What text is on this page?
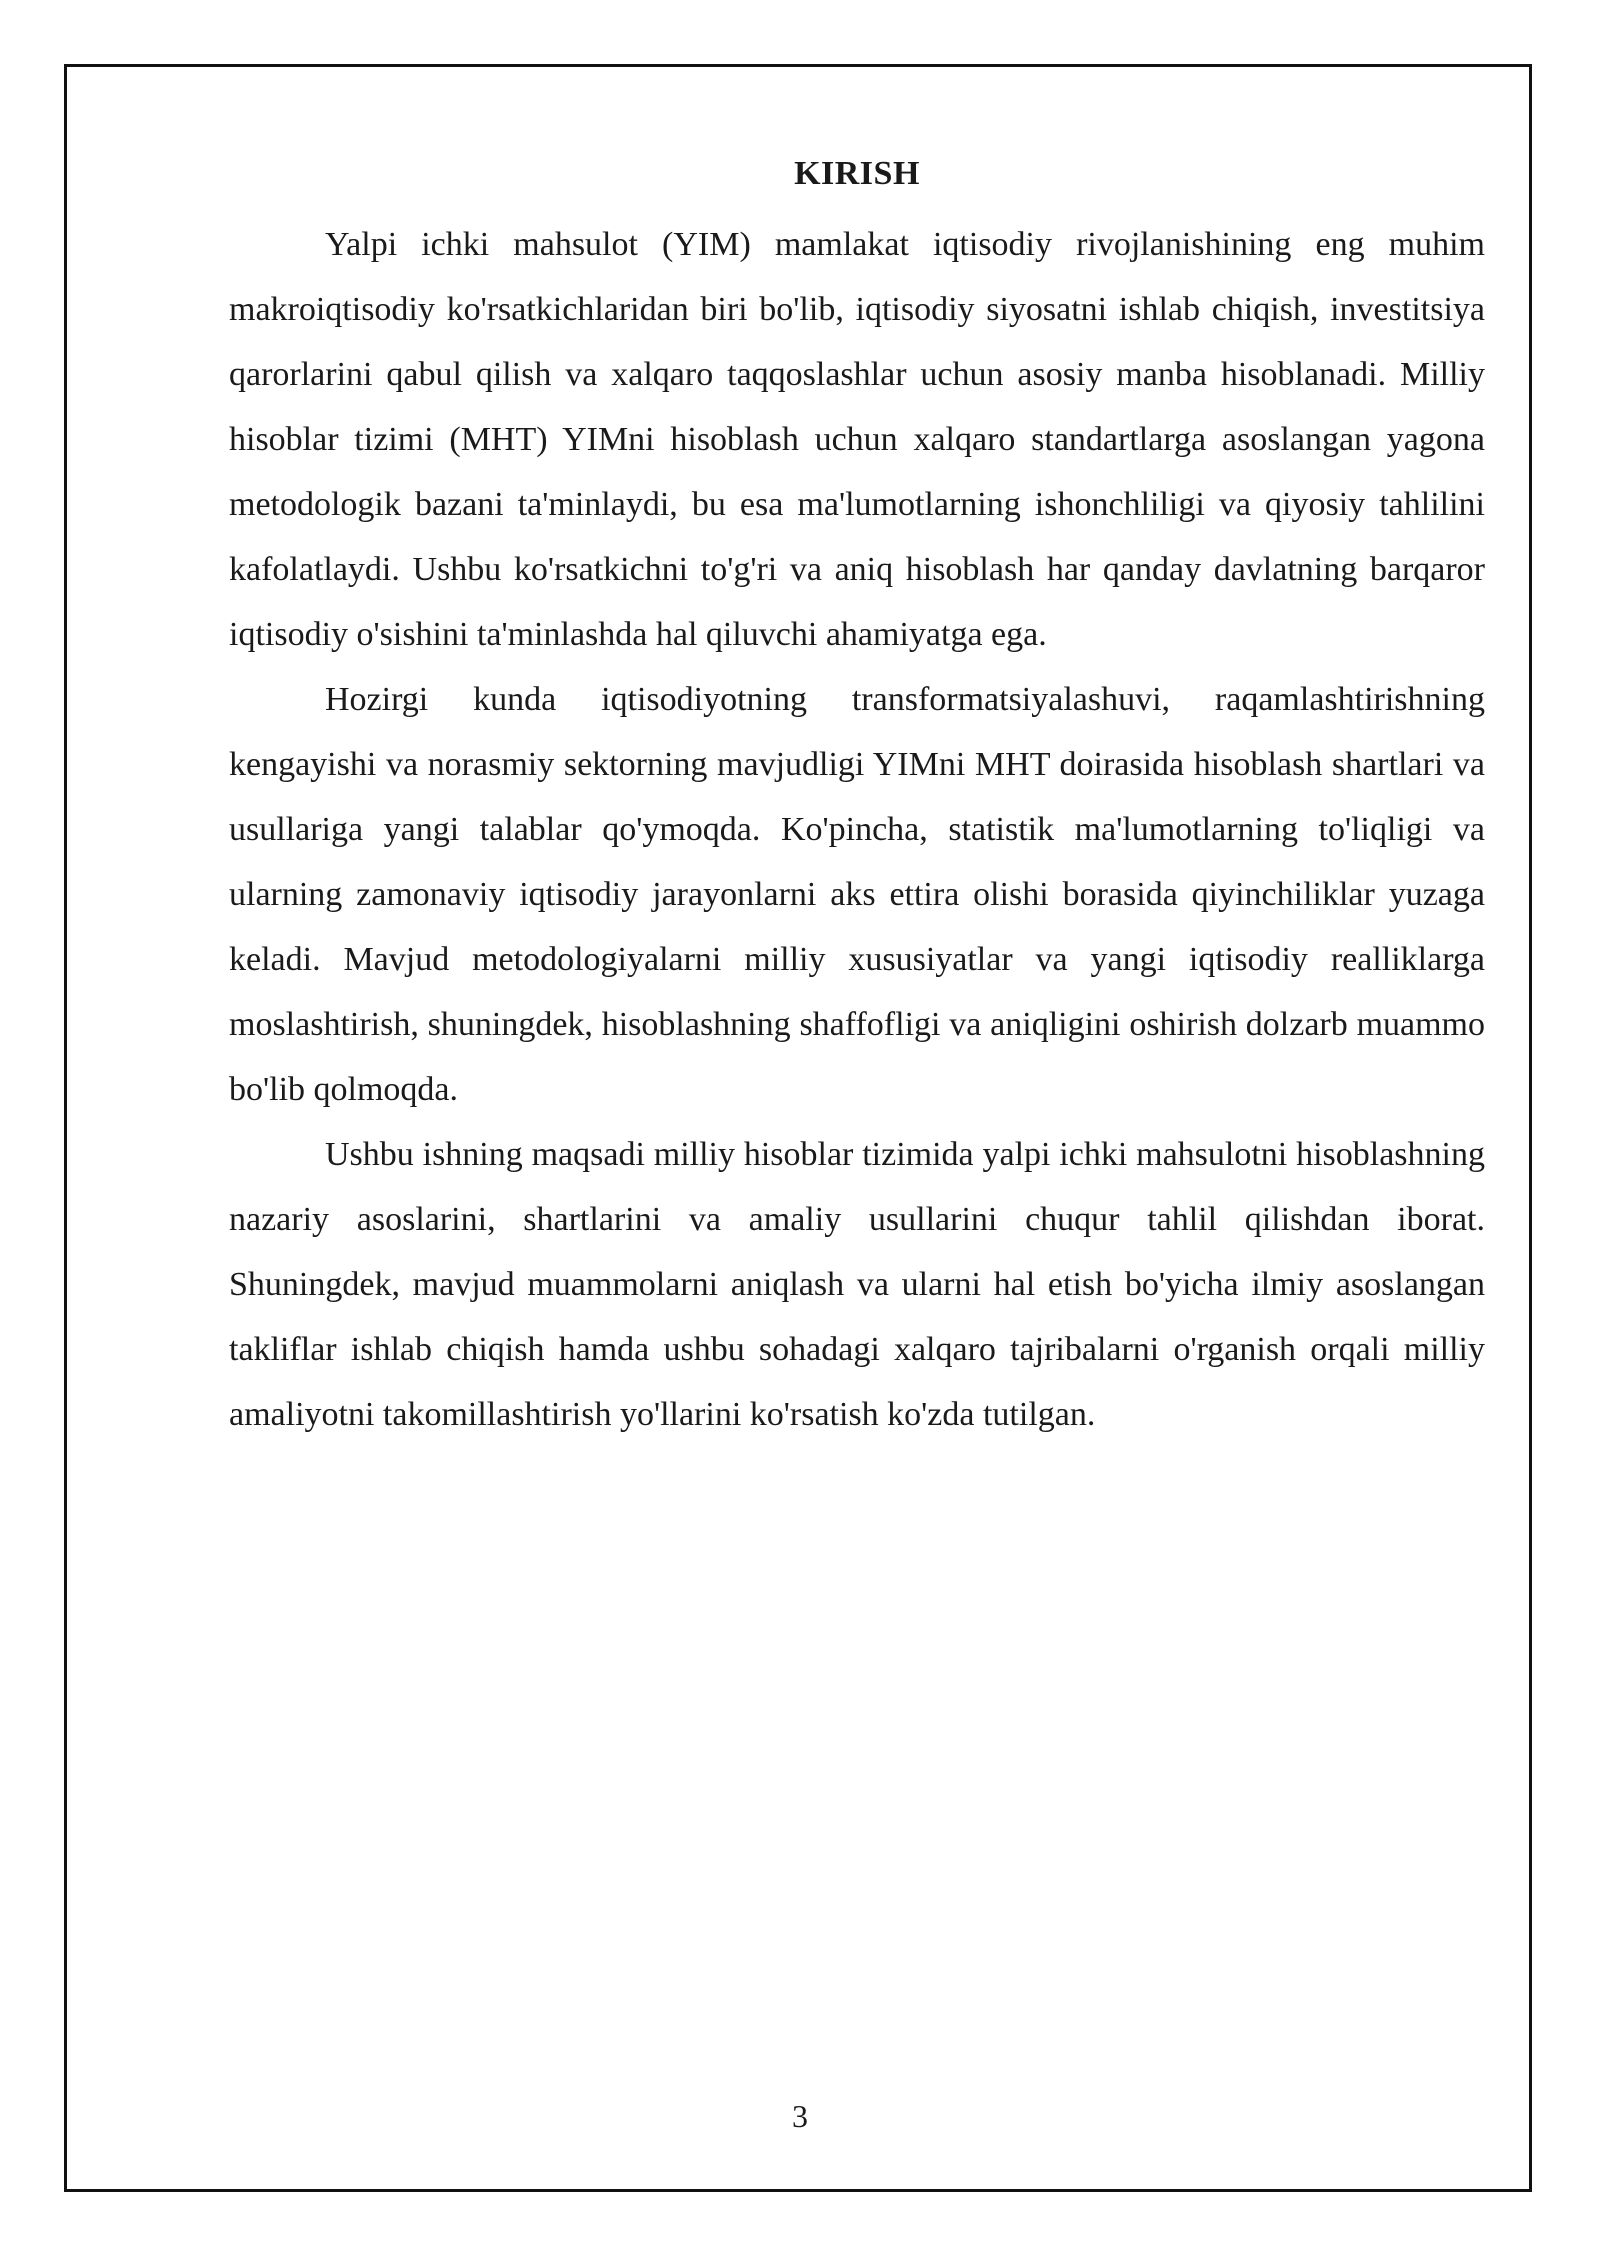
KIRISH

Yalpi ichki mahsulot (YIM) mamlakat iqtisodiy rivojlanishining eng muhim makroiqtisodiy ko'rsatkichlaridan biri bo'lib, iqtisodiy siyosatni ishlab chiqish, investitsiya qarorlarini qabul qilish va xalqaro taqqoslashlar uchun asosiy manba hisoblanadi. Milliy hisoblar tizimi (MHT) YIMni hisoblash uchun xalqaro standartlarga asoslangan yagona metodologik bazani ta'minlaydi, bu esa ma'lumotlarning ishonchliligi va qiyosiy tahlilini kafolatlaydi. Ushbu ko'rsatkichni to'g'ri va aniq hisoblash har qanday davlatning barqaror iqtisodiy o'sishini ta'minlashda hal qiluvchi ahamiyatga ega.

Hozirgi kunda iqtisodiyotning transformatsiyalashuvi, raqamlashtirishning kengayishi va norasmiy sektorning mavjudligi YIMni MHT doirasida hisoblash shartlari va usullariga yangi talablar qo'ymoqda. Ko'pincha, statistik ma'lumotlarning to'liqligi va ularning zamonaviy iqtisodiy jarayonlarni aks ettira olishi borasida qiyinchiliklar yuzaga keladi. Mavjud metodologiyalarni milliy xususiyatlar va yangi iqtisodiy realliklarga moslashtirish, shuningdek, hisoblashning shaffofligi va aniqligini oshirish dolzarb muammo bo'lib qolmoqda.

Ushbu ishning maqsadi milliy hisoblar tizimida yalpi ichki mahsulotni hisoblashning nazariy asoslarini, shartlarini va amaliy usullarini chuqur tahlil qilishdan iborat. Shuningdek, mavjud muammolarni aniqlash va ularni hal etish bo'yicha ilmiy asoslangan takliflar ishlab chiqish hamda ushbu sohadagi xalqaro tajribalarni o'rganish orqali milliy amaliyotni takomillashtirish yo'llarini ko'rsatish ko'zda tutilgan.

3
